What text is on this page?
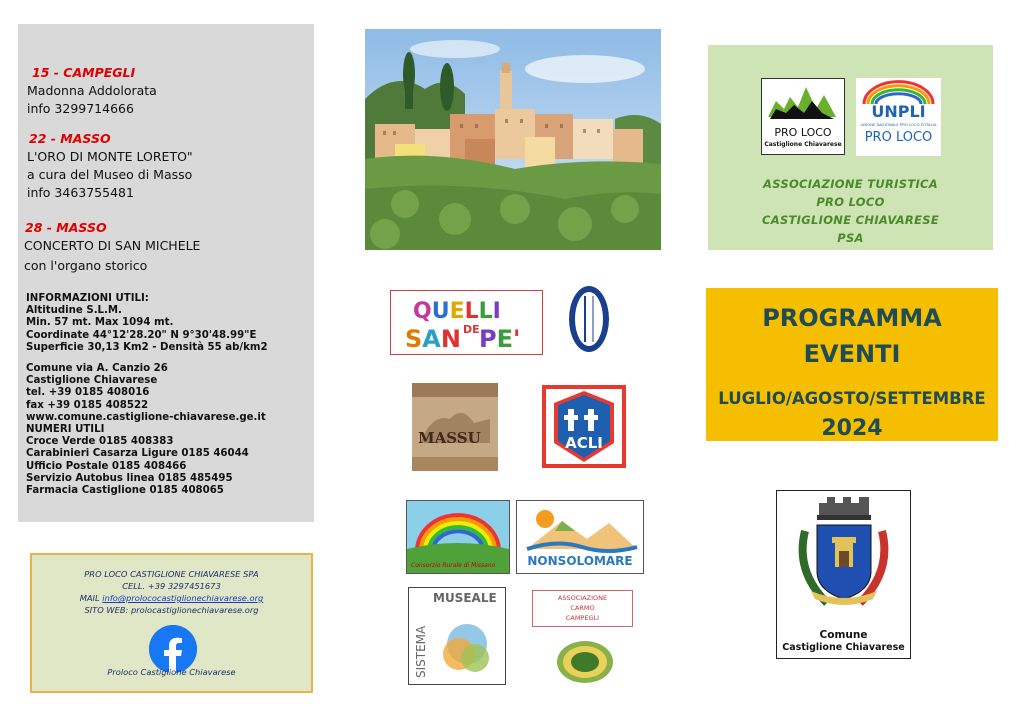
15 - CAMPEGLI
Madonna Addolorata
info 3299714666
22 - MASSO
L'ORO DI MONTE LORETO"
a cura del Museo di Masso
info 3463755481
28 - MASSO
CONCERTO DI SAN MICHELE
con l'organo storico
INFORMAZIONI UTILI:
Altitudine S.L.M.
Min. 57 mt. Max 1094 mt.
Coordinate 44°12'28.20" N 9°30'48.99"E
Superficie 30,13 Km2 - Densità 55 ab/km2
Comune via A. Canzio 26
Castiglione Chiavarese
tel. +39 0185 408016
fax +39 0185 408522
www.comune.castiglione-chiavarese.ge.it
NUMERI UTILI
Croce Verde 0185 408383
Carabinieri Casarza Ligure 0185 46044
Ufficio Postale 0185 408466
Servizio Autobus linea 0185 485495
Farmacia Castiglione 0185 408065
PRO LOCO CASTIGLIONE CHIAVARESE SPA
CELL. +39 3297451673
MAIL info@prolococastiglionechiavarese.org
SITO WEB: prolocastiglionechiavarese.org
Proloco Castiglione Chiavarese
QUELLI
SAN DE PE'
MASSU	ACLI
Consorzio Rurale di Missano	NONSOLOMARE
SISTEMA
MUSEALE	ASSOCIAZIONE
CARMO
CAMPEGLI
PRO LOCO
Castiglione Chiavarese
UNPLI
UNIONE NAZIONALE PRO LOCO D'ITALIA
PRO LOCO
ASSOCIAZIONE TURISTICA
PRO LOCO
CASTIGLIONE CHIAVARESE
PSA
PROGRAMMA
EVENTI
LUGLIO/AGOSTO/SETTEMBRE
2024
Comune
Castiglione Chiavarese
